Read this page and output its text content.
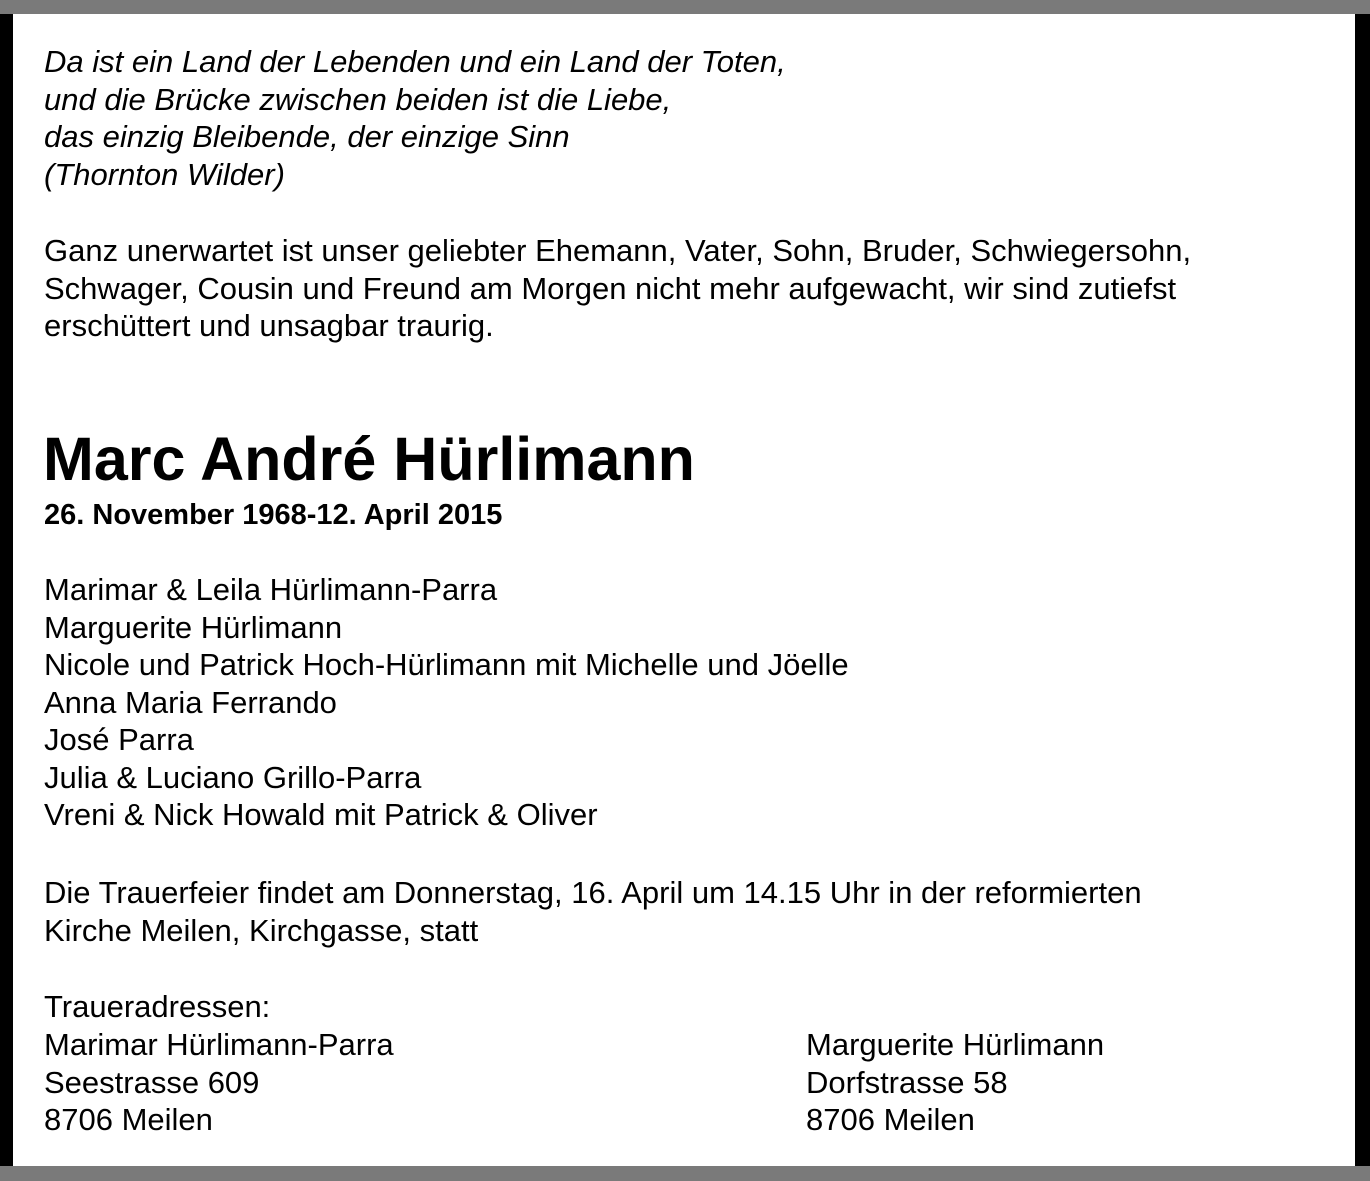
Da ist ein Land der Lebenden und ein Land der Toten,
und die Brücke zwischen beiden ist die Liebe,
das einzig Bleibende, der einzige Sinn
(Thornton Wilder)
Ganz unerwartet ist unser geliebter Ehemann, Vater, Sohn, Bruder, Schwiegersohn,
Schwager, Cousin und Freund am Morgen nicht mehr aufgewacht, wir sind zutiefst
erschüttert und unsagbar traurig.
Marc André Hürlimann
26. November 1968-12. April 2015
Marimar & Leila Hürlimann-Parra
Marguerite Hürlimann
Nicole und Patrick Hoch-Hürlimann mit Michelle und Jöelle
Anna Maria Ferrando
José Parra
Julia & Luciano Grillo-Parra
Vreni & Nick Howald mit Patrick & Oliver
Die Trauerfeier findet am Donnerstag, 16. April um 14.15 Uhr in der reformierten
Kirche Meilen, Kirchgasse, statt
Traueradressen:
Marimar Hürlimann-Parra
Seestrasse 609
8706 Meilen
Marguerite Hürlimann
Dorfstrasse 58
8706 Meilen
